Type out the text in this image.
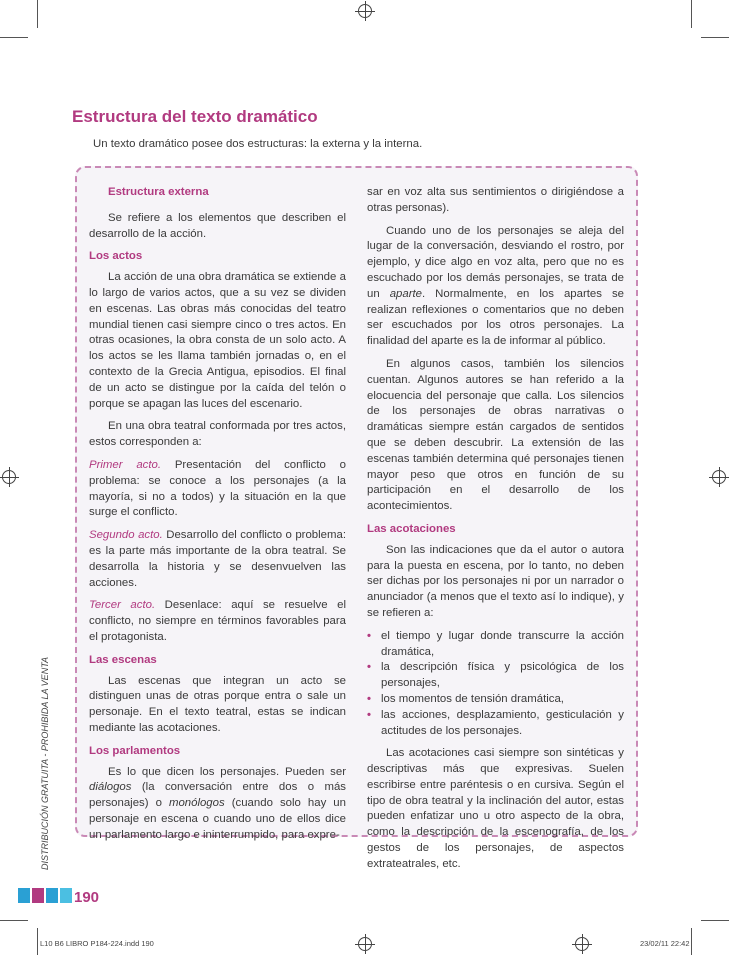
Estructura del texto dramático
Un texto dramático posee dos estructuras: la externa y la interna.
Estructura externa

Se refiere a los elementos que describen el desarrollo de la acción.

Los actos

La acción de una obra dramática se extiende a lo largo de varios actos, que a su vez se dividen en escenas. Las obras más conocidas del teatro mundial tienen casi siempre cinco o tres actos. En otras ocasiones, la obra consta de un solo acto. A los actos se les llama también jornadas o, en el contexto de la Grecia Antigua, episodios. El final de un acto se distingue por la caída del telón o porque se apagan las luces del escenario.

En una obra teatral conformada por tres actos, estos corresponden a:

Primer acto. Presentación del conflicto o problema: se conoce a los personajes (a la mayoría, si no a todos) y la situación en la que surge el conflicto.

Segundo acto. Desarrollo del conflicto o problema: es la parte más importante de la obra teatral. Se desarrolla la historia y se desenvuelven las acciones.

Tercer acto. Desenlace: aquí se resuelve el conflicto, no siempre en términos favorables para el protagonista.

Las escenas

Las escenas que integran un acto se distinguen unas de otras porque entra o sale un personaje. En el texto teatral, estas se indican mediante las acotaciones.

Los parlamentos

Es lo que dicen los personajes. Pueden ser diálogos (la conversación entre dos o más personajes) o monólogos (cuando solo hay un personaje en escena o cuando uno de ellos dice un parlamento largo e ininterrumpido, para expre-

sar en voz alta sus sentimientos o dirigiéndose a otras personas).

Cuando uno de los personajes se aleja del lugar de la conversación, desviando el rostro, por ejemplo, y dice algo en voz alta, pero que no es escuchado por los demás personajes, se trata de un aparte. Normalmente, en los apartes se realizan reflexiones o comentarios que no deben ser escuchados por los otros personajes. La finalidad del aparte es la de informar al público.

En algunos casos, también los silencios cuentan. Algunos autores se han referido a la elocuencia del personaje que calla. Los silencios de los personajes de obras narrativas o dramáticas siempre están cargados de sentidos que se deben descubrir. La extensión de las escenas también determina qué personajes tienen mayor peso que otros en función de su participación en el desarrollo de los acontecimientos.

Las acotaciones

Son las indicaciones que da el autor o autora para la puesta en escena, por lo tanto, no deben ser dichas por los personajes ni por un narrador o anunciador (a menos que el texto así lo indique), y se refieren a:

• el tiempo y lugar donde transcurre la acción dramática,
• la descripción física y psicológica de los personajes,
• los momentos de tensión dramática,
• las acciones, desplazamiento, gesticulación y actitudes de los personajes.

Las acotaciones casi siempre son sintéticas y descriptivas más que expresivas. Suelen escribirse entre paréntesis o en cursiva. Según el tipo de obra teatral y la inclinación del autor, estas pueden enfatizar uno u otro aspecto de la obra, como la descripción de la escenografía, de los gestos de los personajes, de aspectos extrateatrales, etc.

DISTRIBUCIÓN GRATUITA - PROHIBIDA LA VENTA
190
L10 B6 LIBRO P184-224.indd 190	23/02/11 22:42
